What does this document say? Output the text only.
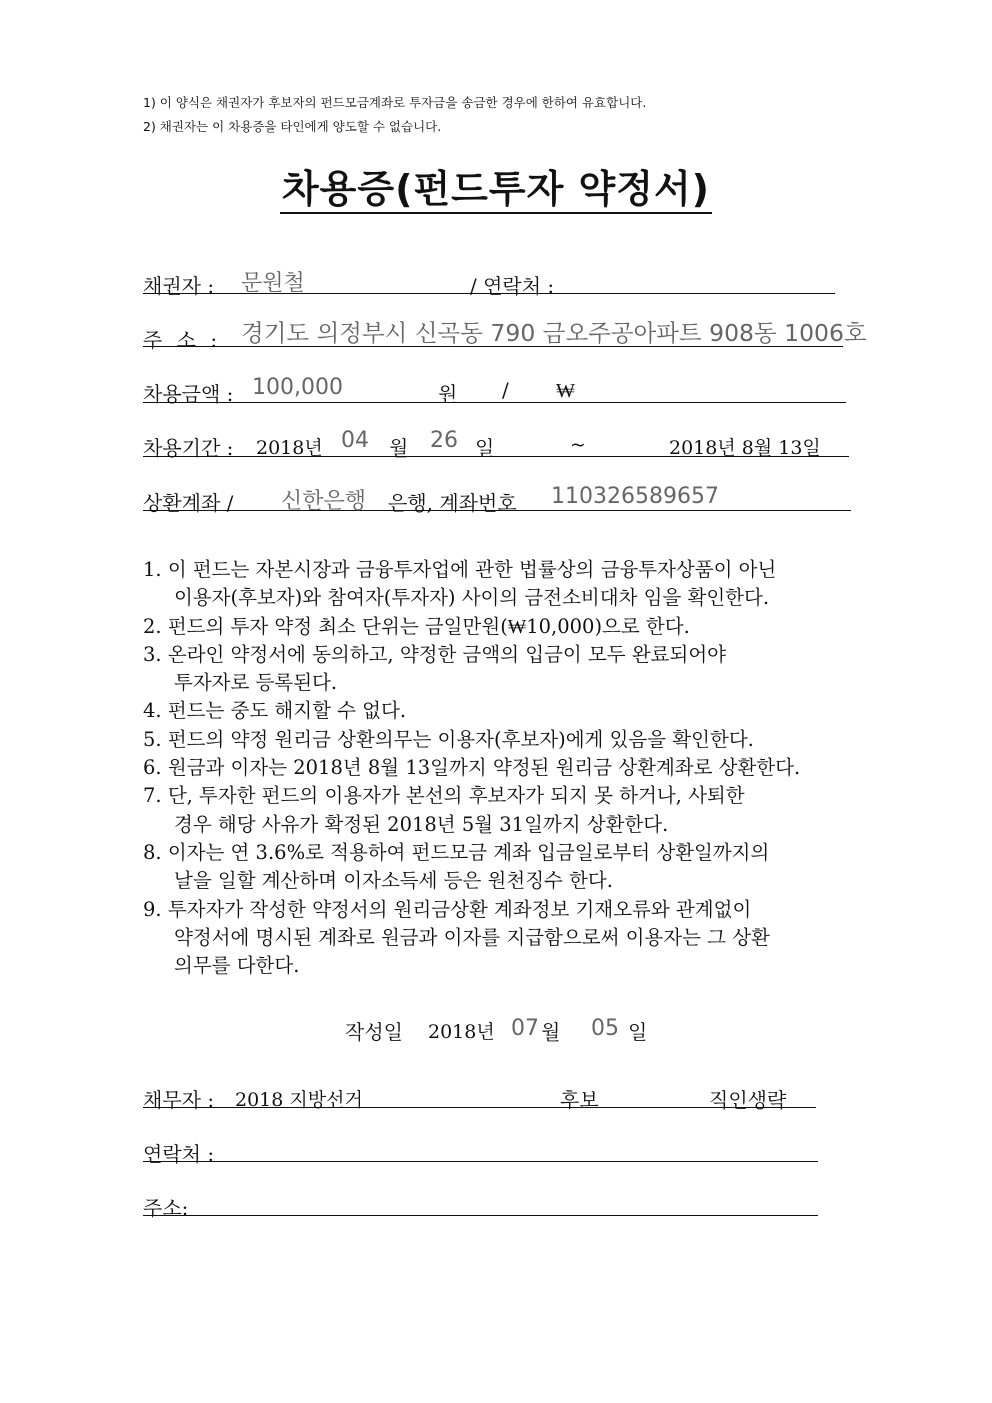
1) 이 양식은 채권자가 후보자의 펀드모금계좌로 투자금을 송금한 경우에 한하여 유효합니다.
2) 채권자는 이 차용증을 타인에게 양도할 수 없습니다.
차용증(펀드투자 약정서)
채권자 : 문원철	/ 연락처 :
주 소 : 경기도 의정부시 신곡동 790 금오주공아파트 908동 1006호
차용금액 : 100,000	원 / ₩
차용기간 : 2018년 04 월 26 일	~	2018년 8월 13일
상환계좌 / 신한은행 은행, 계좌번호 110326589657
1. 이 펀드는 자본시장과 금융투자업에 관한 법률상의 금융투자상품이 아닌
이용자(후보자)와 참여자(투자자) 사이의 금전소비대차 임을 확인한다.
2. 펀드의 투자 약정 최소 단위는 금일만원(₩10,000)으로 한다.
3. 온라인 약정서에 동의하고, 약정한 금액의 입금이 모두 완료되어야
투자자로 등록된다.
4. 펀드는 중도 해지할 수 없다.
5. 펀드의 약정 원리금 상환의무는 이용자(후보자)에게 있음을 확인한다.
6. 원금과 이자는 2018년 8월 13일까지 약정된 원리금 상환계좌로 상환한다.
7. 단, 투자한 펀드의 이용자가 본선의 후보자가 되지 못 하거나, 사퇴한
경우 해당 사유가 확정된 2018년 5월 31일까지 상환한다.
8. 이자는 연 3.6%로 적용하여 펀드모금 계좌 입금일로부터 상환일까지의
날을 일할 계산하며 이자소득세 등은 원천징수 한다.
9. 투자자가 작성한 약정서의 원리금상환 계좌정보 기재오류와 관계없이
약정서에 명시된 계좌로 원금과 이자를 지급함으로써 이용자는 그 상환
의무를 다한다.
작성일 2018년 07 월 05 일
채무자 : 2018 지방선거	후보	직인생략
연락처 :
주소:
